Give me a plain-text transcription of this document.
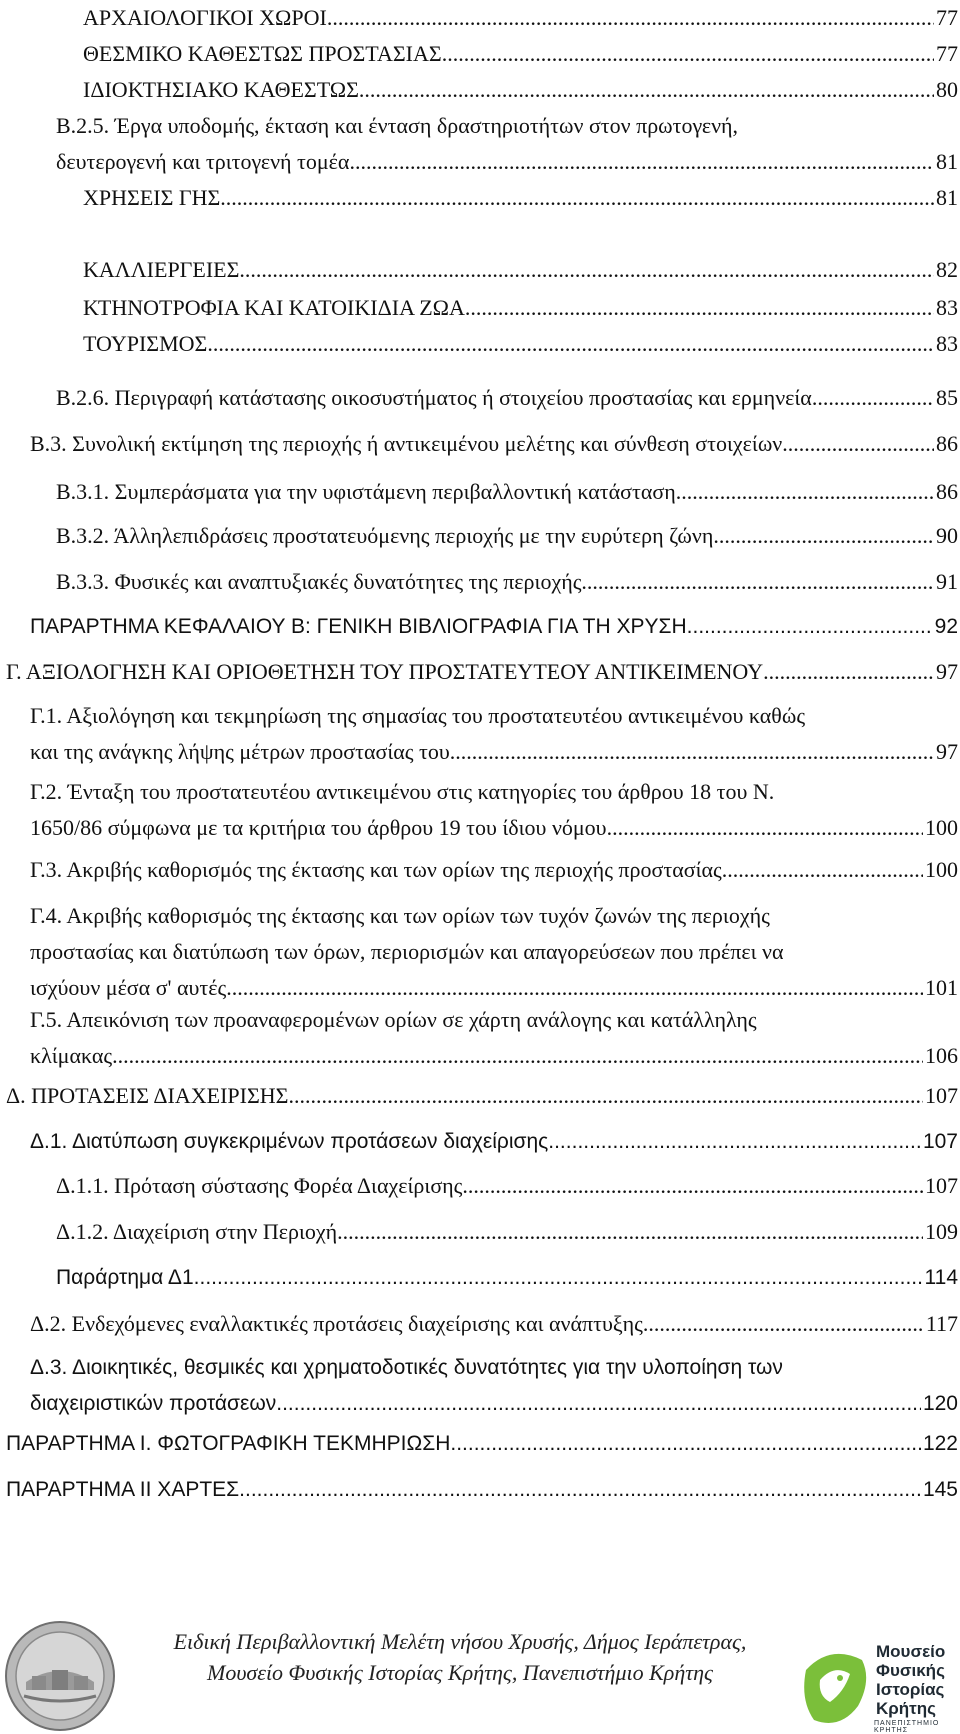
ΑΡΧΑΙΟΛΟΓΙΚΟΙ ΧΩΡΟΙ .....	77
ΘΕΣΜΙΚΟ ΚΑΘΕΣΤΩΣ ΠΡΟΣΤΑΣΙΑΣ .....	77
ΙΔΙΟΚΤΗΣΙΑΚΟ ΚΑΘΕΣΤΩΣ .....	80
Β.2.5. Έργα υποδομής, έκταση και ένταση δραστηριοτήτων στον πρωτογενή,
δευτερογενή και τριτογενή τομέα .....	81
ΧΡΗΣΕΙΣ ΓΗΣ .....	81
ΚΑΛΛΙΕΡΓΕΙΕΣ .....	82
ΚΤΗΝΟΤΡΟΦΙΑ ΚΑΙ ΚΑΤΟΙΚΙΔΙΑ ΖΩΑ .....	83
ΤΟΥΡΙΣΜΟΣ .....	83
Β.2.6. Περιγραφή κατάστασης οικοσυστήματος ή στοιχείου προστασίας και ερμηνεία. .....	85
Β.3. Συνολική εκτίμηση της περιοχής ή αντικειμένου μελέτης και σύνθεση στοιχείων .....	86
Β.3.1. Συμπεράσματα για την υφιστάμενη περιβαλλοντική κατάσταση. .....	86
Β.3.2. Άλληλεπιδράσεις προστατευόμενης περιοχής με την ευρύτερη ζώνη. .....	90
Β.3.3. Φυσικές και αναπτυξιακές δυνατότητες της περιοχής. .....	91
ΠΑΡΑΡΤΗΜΑ ΚΕΦΑΛΑΙΟΥ Β: ΓΕΝΙΚΗ ΒΙΒΛΙΟΓΡΑΦΙΑ ΓΙΑ ΤΗ ΧΡΥΣΗ .....	92
Γ. ΑΞΙΟΛΟΓΗΣΗ ΚΑΙ ΟΡΙΟΘΕΤΗΣΗ ΤΟΥ ΠΡΟΣΤΑΤΕΥΤΕΟΥ ΑΝΤΙΚΕΙΜΕΝΟΥ .....	97
Γ.1. Αξιολόγηση και τεκμηρίωση της σημασίας του προστατευτέου αντικειμένου καθώς
και της ανάγκης λήψης μέτρων προστασίας του. .....	97
Γ.2. Ένταξη του προστατευτέου αντικειμένου στις κατηγορίες του άρθρου 18 του Ν.
1650/86 σύμφωνα με τα κριτήρια του άρθρου 19 του ίδιου νόμου. .....	100
Γ.3. Ακριβής καθορισμός της έκτασης και των ορίων της περιοχής προστασίας. .....	100
Γ.4. Ακριβής καθορισμός της έκτασης και των ορίων των τυχόν ζωνών της περιοχής
προστασίας και διατύπωση των όρων, περιορισμών και απαγορεύσεων που πρέπει να
ισχύουν μέσα σ' αυτές. .....	101
Γ.5. Απεικόνιση των προαναφερομένων ορίων σε χάρτη ανάλογης και κατάλληλης
κλίμακας. .....	106
Δ. ΠΡΟΤΑΣΕΙΣ ΔΙΑΧΕΙΡΙΣΗΣ .....	107
Δ.1. Διατύπωση συγκεκριμένων προτάσεων διαχείρισης .....	107
Δ.1.1. Πρόταση σύστασης Φορέα Διαχείρισης .....	107
Δ.1.2. Διαχείριση στην Περιοχή .....	109
Παράρτημα Δ1. .....	114
Δ.2. Ενδεχόμενες εναλλακτικές προτάσεις διαχείρισης και ανάπτυξης. .....	117
Δ.3. Διοικητικές, θεσμικές και χρηματοδοτικές δυνατότητες για την υλοποίηση των
διαχειριστικών προτάσεων. .....	120
ΠΑΡΑΡΤΗΜΑ Ι. ΦΩΤΟΓΡΑΦΙΚΗ ΤΕΚΜΗΡΙΩΣΗ .....	122
ΠΑΡΑΡΤΗΜΑ ΙΙ ΧΑΡΤΕΣ .....	145
Ειδική Περιβαλλοντική Μελέτη νήσου Χρυσής, Δήμος Ιεράπετρας,
Μουσείο Φυσικής Ιστορίας Κρήτης, Πανεπιστήμιο Κρήτης
Μουσείο
Φυσικής
Ιστορίας
Κρήτης
ΠΑΝΕΠΙΣΤΗΜΙΟ ΚΡΗΤΗΣ
